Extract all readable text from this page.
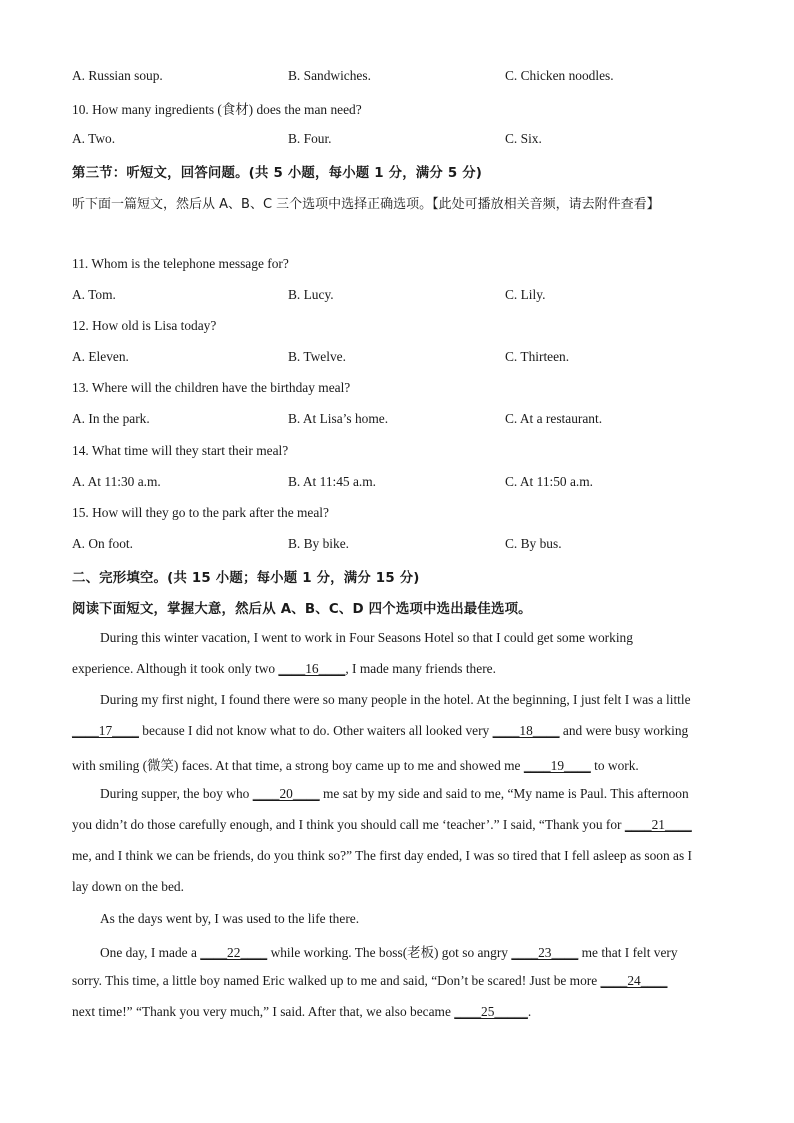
A. Russian soup.	B. Sandwiches.	C. Chicken noodles.
10. How many ingredients (食材) does the man need?
A. Two.	B. Four.	C. Six.
第三节：听短文，回答问题。(共 5 小题，每小题 1 分，满分 5 分)
听下面一篇短文，然后从 A、B、C 三个选项中选择正确选项。【此处可播放相关音频，请去附件查看】
11. Whom is the telephone message for?
A. Tom.	B. Lucy.	C. Lily.
12. How old is Lisa today?
A. Eleven.	B. Twelve.	C. Thirteen.
13. Where will the children have the birthday meal?
A. In the park.	B. At Lisa’s home.	C. At a restaurant.
14. What time will they start their meal?
A. At 11:30 a.m.	B. At 11:45 a.m.	C. At 11:50 a.m.
15. How will they go to the park after the meal?
A. On foot.	B. By bike.	C. By bus.
二、完形填空。(共 15 小题；每小题 1 分，满分 15 分)
阅读下面短文，掌握大意，然后从 A、B、C、D 四个选项中选出最佳选项。
During this winter vacation, I went to work in Four Seasons Hotel so that I could get some working
experience. Although it took only two ____16____, I made many friends there.
During my first night, I found there were so many people in the hotel. At the beginning, I just felt I was a little
____17____ because I did not know what to do. Other waiters all looked very ____18____ and were busy working
with smiling (微笑) faces. At that time, a strong boy came up to me and showed me ____19____ to work.
During supper, the boy who ____20____ me sat by my side and said to me, “My name is Paul. This afternoon
you didn’t do those carefully enough, and I think you should call me ‘teacher’.” I said, “Thank you for ____21____
me, and I think we can be friends, do you think so?” The first day ended, I was so tired that I fell asleep as soon as I
lay down on the bed.
As the days went by, I was used to the life there.
One day, I made a ____22____ while working. The boss(老板) got so angry ____23____ me that I felt very
sorry. This time, a little boy named Eric walked up to me and said, “Don’t be scared! Just be more ____24____
next time!” “Thank you very much,” I said. After that, we also became ____25_____.
